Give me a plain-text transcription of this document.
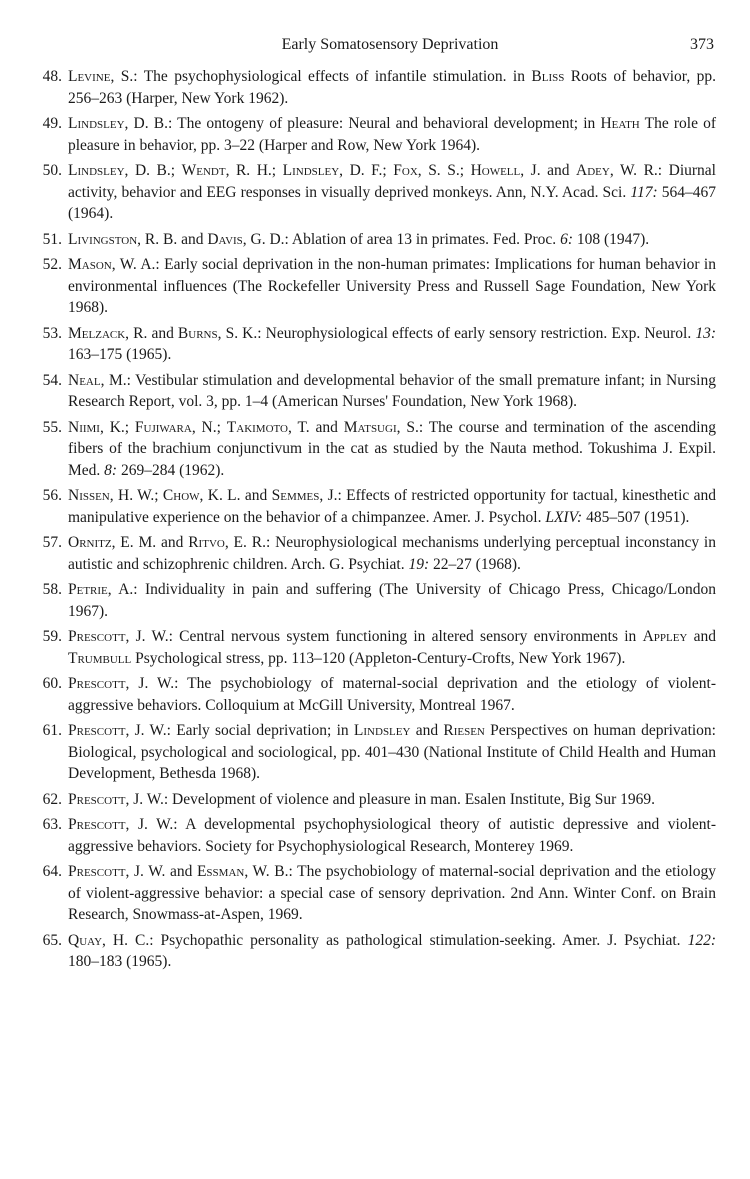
Early Somatosensory Deprivation	373
48. Levine, S.: The psychophysiological effects of infantile stimulation. in Bliss Roots of behavior, pp. 256–263 (Harper, New York 1962).
49. Lindsley, D. B.: The ontogeny of pleasure: Neural and behavioral development; in Heath The role of pleasure in behavior, pp. 3–22 (Harper and Row, New York 1964).
50. Lindsley, D. B.; Wendt, R. H.; Lindsley, D. F.; Fox, S. S.; Howell, J. and Adey, W. R.: Diurnal activity, behavior and EEG responses in visually deprived monkeys. Ann, N.Y. Acad. Sci. 117: 564–467 (1964).
51. Livingston, R. B. and Davis, G. D.: Ablation of area 13 in primates. Fed. Proc. 6: 108 (1947).
52. Mason, W. A.: Early social deprivation in the non-human primates: Implications for human behavior in environmental influences (The Rockefeller University Press and Russell Sage Foundation, New York 1968).
53. Melzack, R. and Burns, S. K.: Neurophysiological effects of early sensory restriction. Exp. Neurol. 13: 163–175 (1965).
54. Neal, M.: Vestibular stimulation and developmental behavior of the small premature infant; in Nursing Research Report, vol. 3, pp. 1–4 (American Nurses' Foundation, New York 1968).
55. Niimi, K.; Fujiwara, N.; Takimoto, T. and Matsugi, S.: The course and termination of the ascending fibers of the brachium conjunctivum in the cat as studied by the Nauta method. Tokushima J. Expil. Med. 8: 269–284 (1962).
56. Nissen, H. W.; Chow, K. L. and Semmes, J.: Effects of restricted opportunity for tactual, kinesthetic and manipulative experience on the behavior of a chimpanzee. Amer. J. Psychol. LXIV: 485–507 (1951).
57. Ornitz, E. M. and Ritvo, E. R.: Neurophysiological mechanisms underlying perceptual inconstancy in autistic and schizophrenic children. Arch. G. Psychiat. 19: 22–27 (1968).
58. Petrie, A.: Individuality in pain and suffering (The University of Chicago Press, Chicago/London 1967).
59. Prescott, J. W.: Central nervous system functioning in altered sensory environments in Appley and Trumbull Psychological stress, pp. 113–120 (Appleton-Century-Crofts, New York 1967).
60. Prescott, J. W.: The psychobiology of maternal-social deprivation and the etiology of violent-aggressive behaviors. Colloquium at McGill University, Montreal 1967.
61. Prescott, J. W.: Early social deprivation; in Lindsley and Riesen Perspectives on human deprivation: Biological, psychological and sociological, pp. 401–430 (National Institute of Child Health and Human Development, Bethesda 1968).
62. Prescott, J. W.: Development of violence and pleasure in man. Esalen Institute, Big Sur 1969.
63. Prescott, J. W.: A developmental psychophysiological theory of autistic depressive and violent-aggressive behaviors. Society for Psychophysiological Research, Monterey 1969.
64. Prescott, J. W. and Essman, W. B.: The psychobiology of maternal-social deprivation and the etiology of violent-aggressive behavior: a special case of sensory deprivation. 2nd Ann. Winter Conf. on Brain Research, Snowmass-at-Aspen, 1969.
65. Quay, H. C.: Psychopathic personality as pathological stimulation-seeking. Amer. J. Psychiat. 122: 180–183 (1965).
